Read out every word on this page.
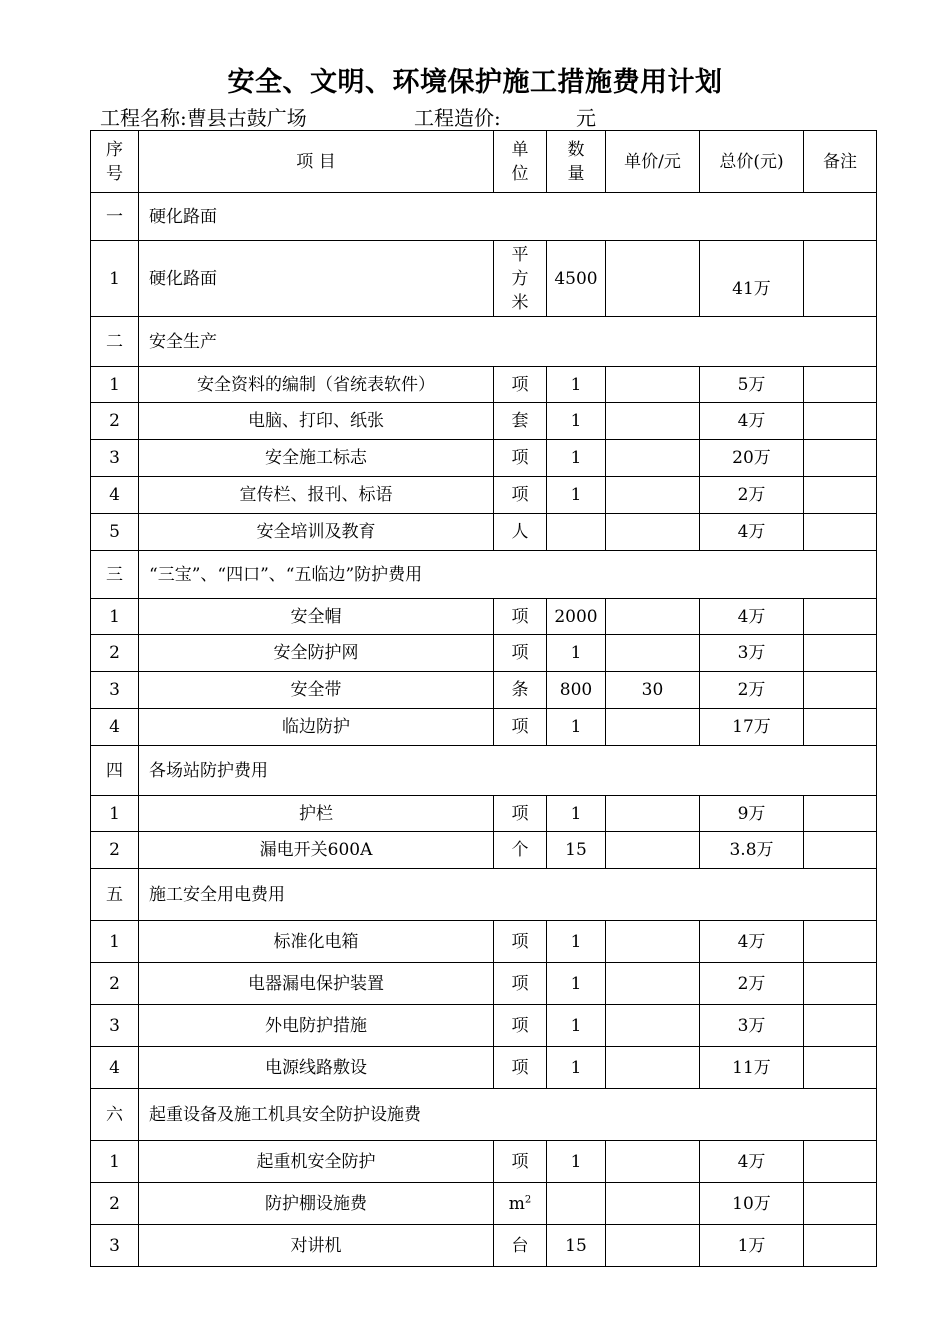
安全、文明、环境保护施工措施费用计划
工程名称:曹县古鼓广场	工程造价:	元
序号	项 目	单位	数量	单价/元	总价(元)	备注
一	硬化路面					
1	硬化路面	平方米	4500		41万	
二	安全生产					
1	安全资料的编制（省统表软件）	项	1		5万	
2	电脑、打印、纸张	套	1		4万	
3	安全施工标志	项	1		20万	
4	宣传栏、报刊、标语	项	1		2万	
5	安全培训及教育	人			4万	
三	“三宝”、“四口”、“五临边”防护费用					
1	安全帽	项	2000		4万	
2	安全防护网	项	1		3万	
3	安全带	条	800	30	2万	
4	临边防护	项	1		17万	
四	各场站防护费用					
1	护栏	项	1		9万	
2	漏电开关600A	个	15		3.8万	
五	施工安全用电费用					
1	标准化电箱	项	1		4万	
2	电器漏电保护装置	项	1		2万	
3	外电防护措施	项	1		3万	
4	电源线路敷设	项	1		11万	
六	起重设备及施工机具安全防护设施费					
1	起重机安全防护	项	1		4万	
2	防护棚设施费	$m^2$			10万	
3	对讲机	台	15		1万	
